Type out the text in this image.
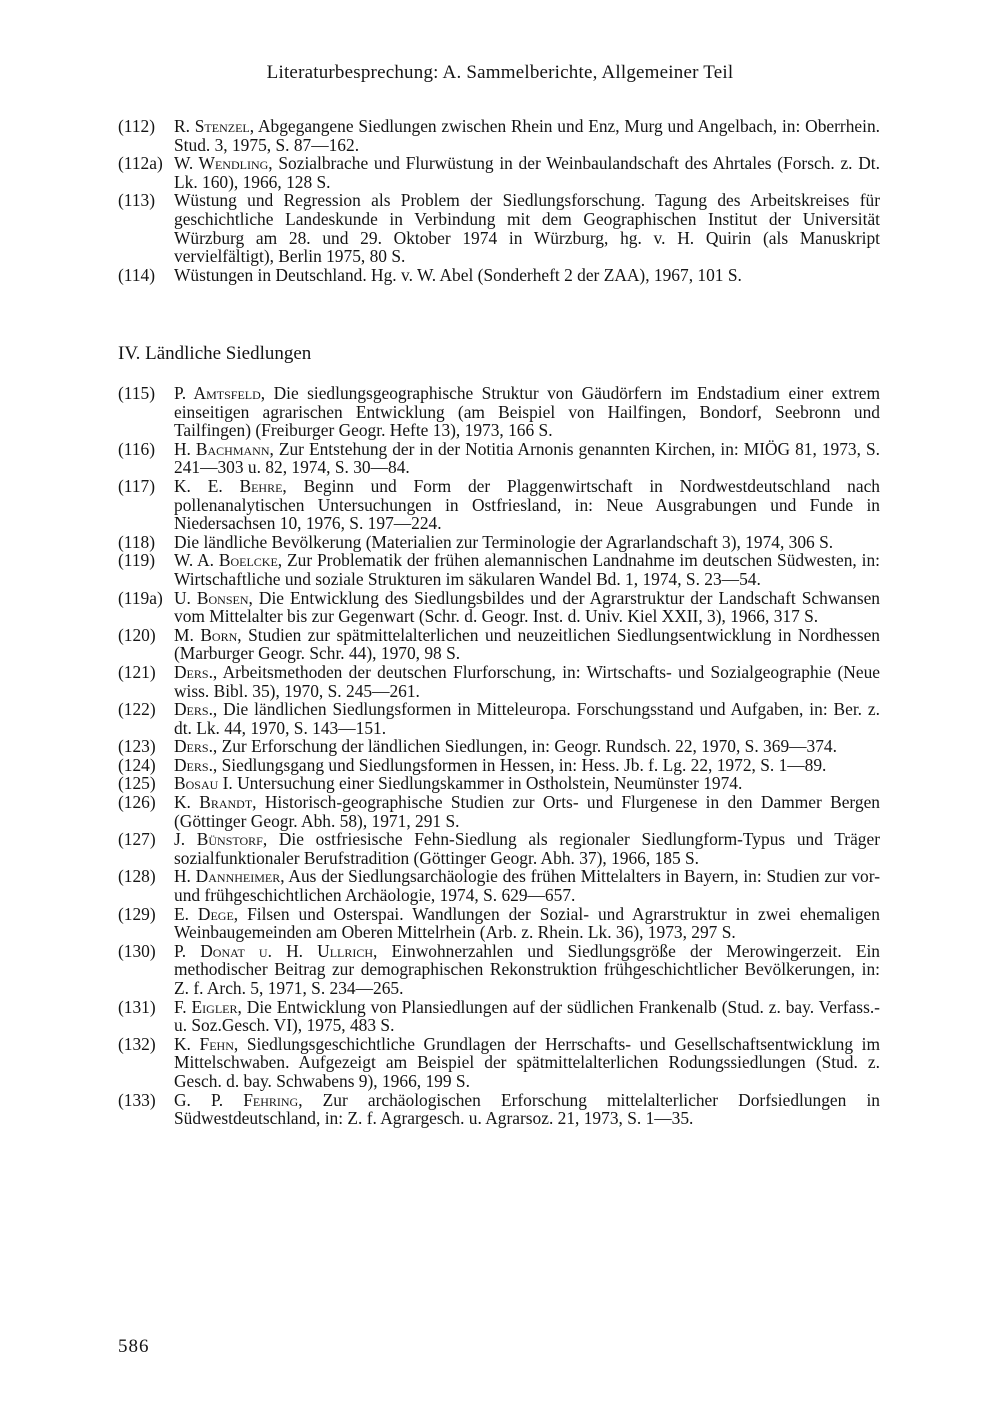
Literaturbesprechung: A. Sammelberichte, Allgemeiner Teil
(112) R. Stenzel, Abgegangene Siedlungen zwischen Rhein und Enz, Murg und Angelbach, in: Oberrhein. Stud. 3, 1975, S. 87—162.
(112a) W. Wendling, Sozialbrache und Flurwüstung in der Weinbaulandschaft des Ahrtales (Forsch. z. Dt. Lk. 160), 1966, 128 S.
(113) Wüstung und Regression als Problem der Siedlungsforschung. Tagung des Arbeitskreises für geschichtliche Landeskunde in Verbindung mit dem Geographischen Institut der Universität Würzburg am 28. und 29. Oktober 1974 in Würzburg, hg. v. H. Quirin (als Manuskript vervielfältigt), Berlin 1975, 80 S.
(114) Wüstungen in Deutschland. Hg. v. W. Abel (Sonderheft 2 der ZAA), 1967, 101 S.
IV. Ländliche Siedlungen
(115) P. Amtsfeld, Die siedlungsgeographische Struktur von Gäudörfern im Endstadium einer extrem einseitigen agrarischen Entwicklung (am Beispiel von Hailfingen, Bondorf, Seebronn und Tailfingen) (Freiburger Geogr. Hefte 13), 1973, 166 S.
(116) H. Bachmann, Zur Entstehung der in der Notitia Arnonis genannten Kirchen, in: MIÖG 81, 1973, S. 241—303 u. 82, 1974, S. 30—84.
(117) K. E. Behre, Beginn und Form der Plaggenwirtschaft in Nordwestdeutschland nach pollenanalytischen Untersuchungen in Ostfriesland, in: Neue Ausgrabungen und Funde in Niedersachsen 10, 1976, S. 197—224.
(118) Die ländliche Bevölkerung (Materialien zur Terminologie der Agrarlandschaft 3), 1974, 306 S.
(119) W. A. Boelcke, Zur Problematik der frühen alemannischen Landnahme im deutschen Südwesten, in: Wirtschaftliche und soziale Strukturen im säkularen Wandel Bd. 1, 1974, S. 23—54.
(119a) U. Bonsen, Die Entwicklung des Siedlungsbildes und der Agrarstruktur der Landschaft Schwansen vom Mittelalter bis zur Gegenwart (Schr. d. Geogr. Inst. d. Univ. Kiel XXII, 3), 1966, 317 S.
(120) M. Born, Studien zur spätmittelalterlichen und neuzeitlichen Siedlungsentwicklung in Nordhessen (Marburger Geogr. Schr. 44), 1970, 98 S.
(121) Ders., Arbeitsmethoden der deutschen Flurforschung, in: Wirtschafts- und Sozialgeographie (Neue wiss. Bibl. 35), 1970, S. 245—261.
(122) Ders., Die ländlichen Siedlungsformen in Mitteleuropa. Forschungsstand und Aufgaben, in: Ber. z. dt. Lk. 44, 1970, S. 143—151.
(123) Ders., Zur Erforschung der ländlichen Siedlungen, in: Geogr. Rundsch. 22, 1970, S. 369—374.
(124) Ders., Siedlungsgang und Siedlungsformen in Hessen, in: Hess. Jb. f. Lg. 22, 1972, S. 1—89.
(125) Bosau I. Untersuchung einer Siedlungskammer in Ostholstein, Neumünster 1974.
(126) K. Brandt, Historisch-geographische Studien zur Orts- und Flurgenese in den Dammer Bergen (Göttinger Geogr. Abh. 58), 1971, 291 S.
(127) J. Bünstorf, Die ostfriesische Fehn-Siedlung als regionaler Siedlungform-Typus und Träger sozialfunktionaler Berufstradition (Göttinger Geogr. Abh. 37), 1966, 185 S.
(128) H. Dannheimer, Aus der Siedlungsarchäologie des frühen Mittelalters in Bayern, in: Studien zur vor- und frühgeschichtlichen Archäologie, 1974, S. 629—657.
(129) E. Dege, Filsen und Osterspai. Wandlungen der Sozial- und Agrarstruktur in zwei ehemaligen Weinbaugemeinden am Oberen Mittelrhein (Arb. z. Rhein. Lk. 36), 1973, 297 S.
(130) P. Donat u. H. Ullrich, Einwohnerzahlen und Siedlungsgröße der Merowingerzeit. Ein methodischer Beitrag zur demographischen Rekonstruktion frühgeschichtlicher Bevölkerungen, in: Z. f. Arch. 5, 1971, S. 234—265.
(131) F. Eigler, Die Entwicklung von Plansiedlungen auf der südlichen Frankenalb (Stud. z. bay. Verfass.- u. Soz.Gesch. VI), 1975, 483 S.
(132) K. Fehn, Siedlungsgeschichtliche Grundlagen der Herrschafts- und Gesellschaftsentwicklung im Mittelschwaben. Aufgezeigt am Beispiel der spätmittelalterlichen Rodungssiedlungen (Stud. z. Gesch. d. bay. Schwabens 9), 1966, 199 S.
(133) G. P. Fehring, Zur archäologischen Erforschung mittelalterlicher Dorfsiedlungen in Südwestdeutschland, in: Z. f. Agrargesch. u. Agrarsoz. 21, 1973, S. 1—35.
586
